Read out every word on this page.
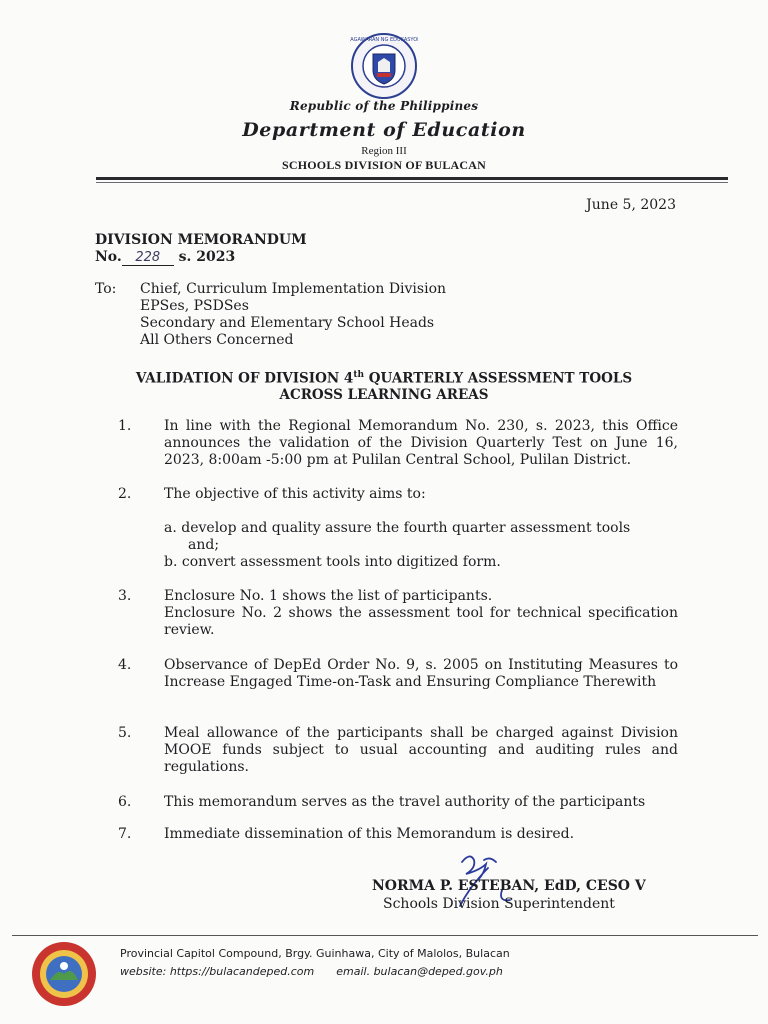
KAGAWARAN NG EDUKASYON
Republic of the Philippines
Department of Education
Region III
SCHOOLS DIVISION OF BULACAN
June 5, 2023
DIVISION MEMORANDUM
No. 228 s. 2023
To: Chief, Curriculum Implementation Division
EPSes, PSDSes
Secondary and Elementary School Heads
All Others Concerned
VALIDATION OF DIVISION 4th QUARTERLY ASSESSMENT TOOLS
ACROSS LEARNING AREAS
1. In line with the Regional Memorandum No. 230, s. 2023, this Office announces the validation of the Division Quarterly Test on June 16, 2023, 8:00am -5:00 pm at Pulilan Central School, Pulilan District.
2. The objective of this activity aims to:
a. develop and quality assure the fourth quarter assessment tools
and;
b. convert assessment tools into digitized form.
3. Enclosure No. 1 shows the list of participants.
Enclosure No. 2 shows the assessment tool for technical specification review.
4. Observance of DepEd Order No. 9, s. 2005 on Instituting Measures to Increase Engaged Time-on-Task and Ensuring Compliance Therewith
5. Meal allowance of the participants shall be charged against Division MOOE funds subject to usual accounting and auditing rules and regulations.
6. This memorandum serves as the travel authority of the participants
7. Immediate dissemination of this Memorandum is desired.
NORMA P. ESTEBAN, EdD, CESO V
Schools Division Superintendent
Provincial Capitol Compound, Brgy. Guinhawa, City of Malolos, Bulacan
website: https://bulacandeped.com email. bulacan@deped.gov.ph
